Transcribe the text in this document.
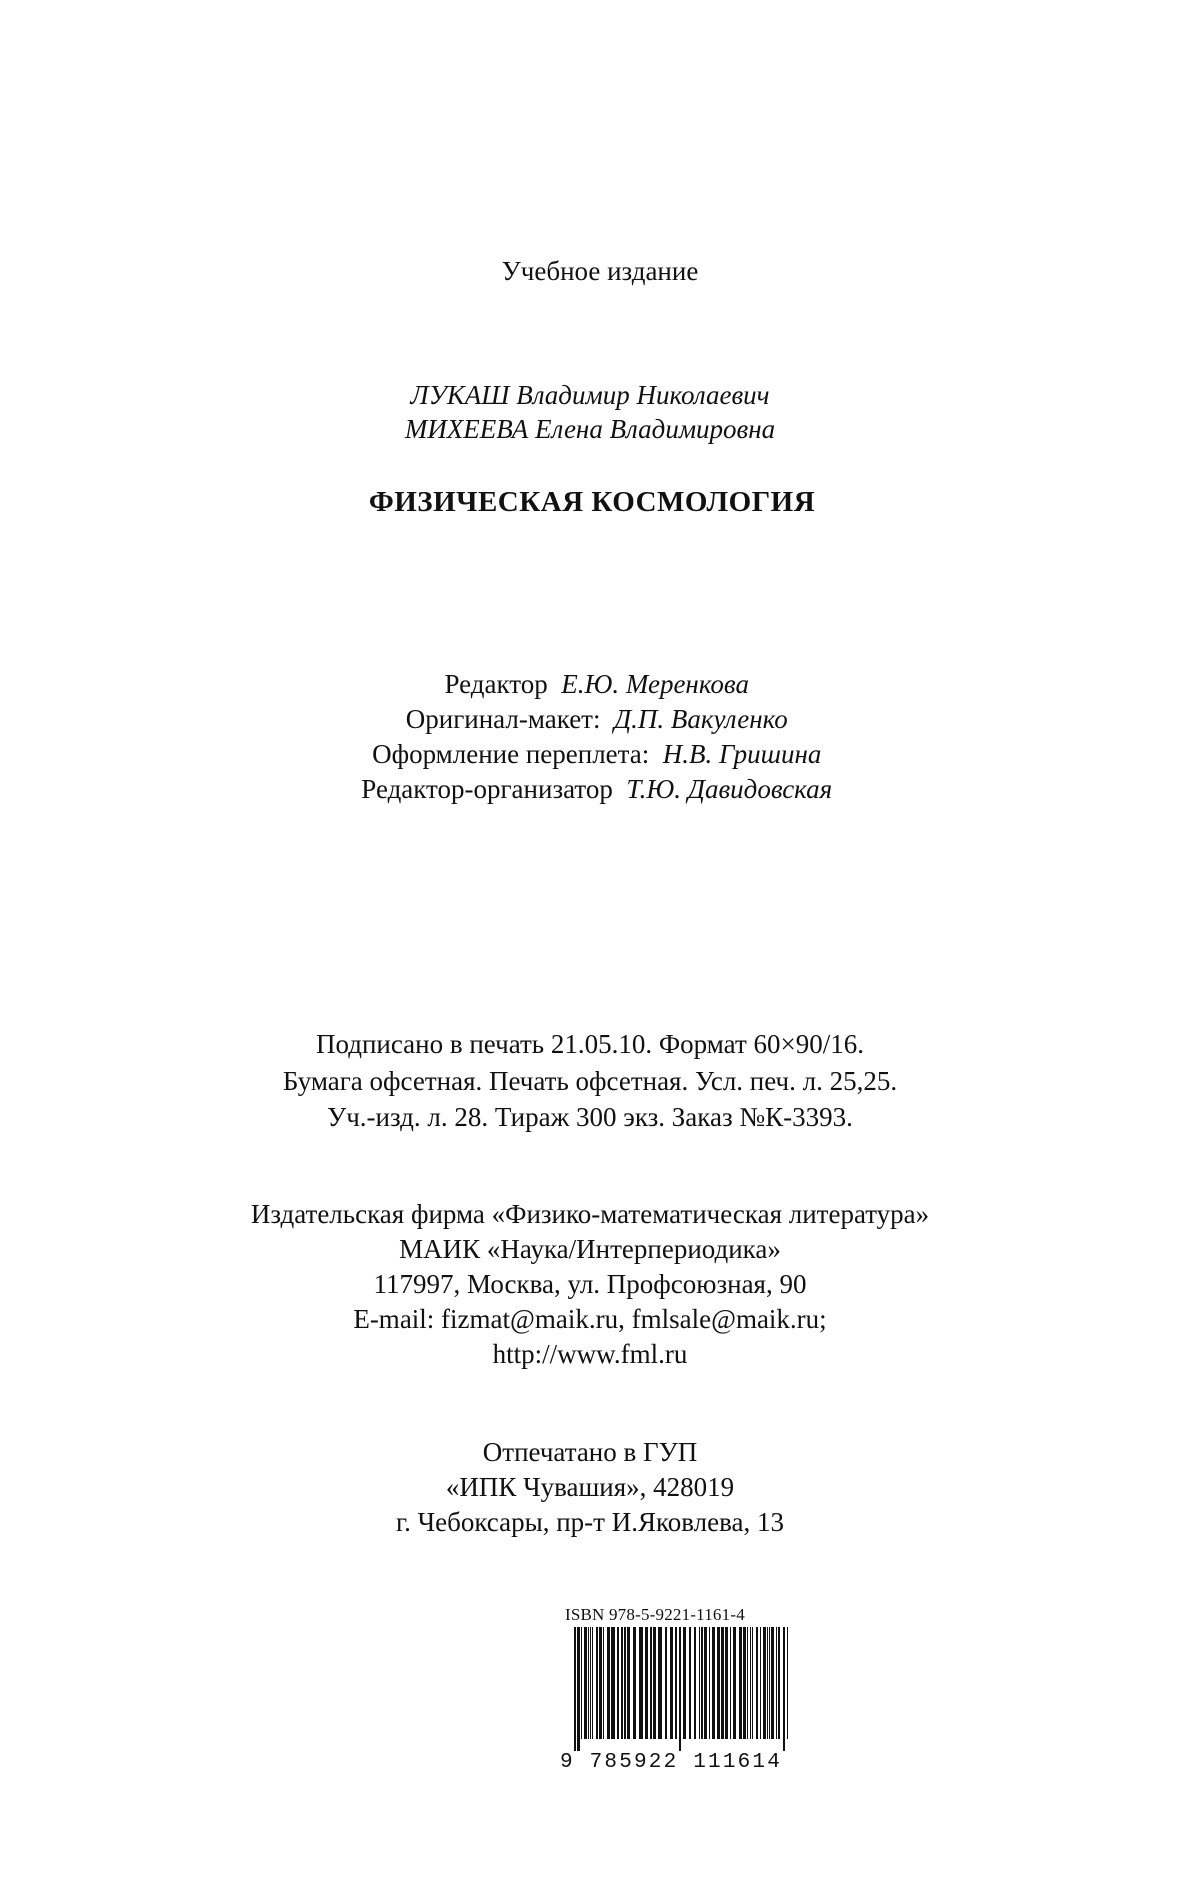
Учебное издание
ЛУКАШ Владимир Николаевич
МИХЕЕВА Елена Владимировна
ФИЗИЧЕСКАЯ КОСМОЛОГИЯ

Редактор Е.Ю. Меренкова

Оригинал-макет: Д.П. Вакуленко

Оформление переплета: Н.В. Гришина

Редактор-организатор Т.Ю. Давидовская

Подписано в печать 21.05.10. Формат 60×90/16.
Бумага офсетная. Печать офсетная. Усл. печ. л. 25,25.
Уч.-изд. л. 28. Тираж 300 экз. Заказ №К-3393.
Издательская фирма «Физико-математическая литература»
МАИК «Наука/Интерпериодика»
117997, Москва, ул. Профсоюзная, 90
E-mail: fizmat@maik.ru, fmlsale@maik.ru;
http://www.fml.ru
Отпечатано в ГУП
«ИПК Чувашия», 428019
г. Чебоксары, пр-т И.Яковлева, 13
ISBN 978-5-9221-1161-4
9 785922 111614
